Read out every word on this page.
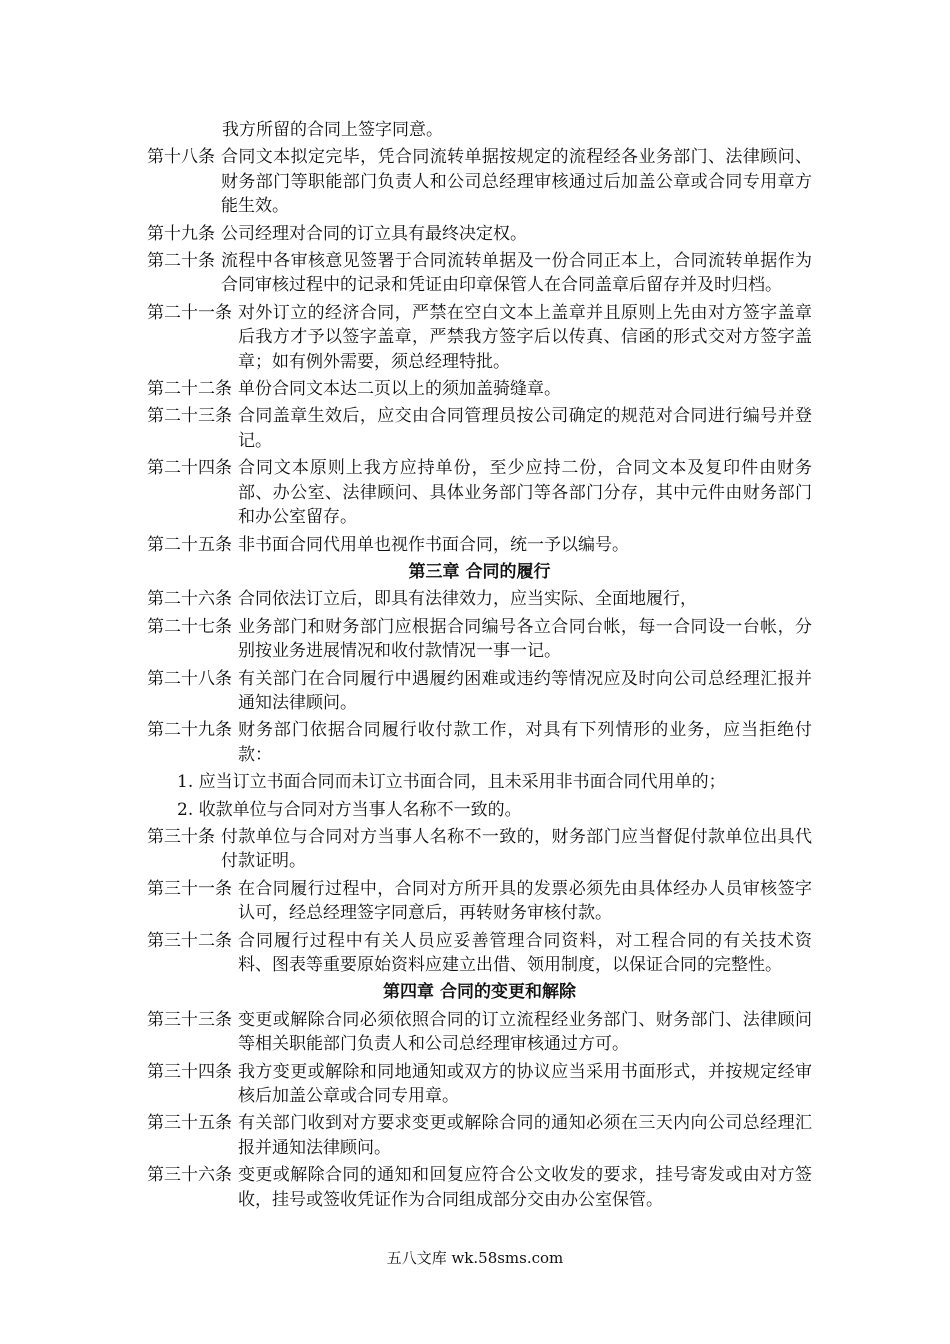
我方所留的合同上签字同意。
第十八条 合同文本拟定完毕，凭合同流转单据按规定的流程经各业务部门、法律顾问、财务部门等职能部门负责人和公司总经理审核通过后加盖公章或合同专用章方能生效。
第十九条 公司经理对合同的订立具有最终决定权。
第二十条 流程中各审核意见签署于合同流转单据及一份合同正本上，合同流转单据作为合同审核过程中的记录和凭证由印章保管人在合同盖章后留存并及时归档。
第二十一条 对外订立的经济合同，严禁在空白文本上盖章并且原则上先由对方签字盖章后我方才予以签字盖章，严禁我方签字后以传真、信函的形式交对方签字盖章；如有例外需要，须总经理特批。
第二十二条 单份合同文本达二页以上的须加盖骑缝章。
第二十三条 合同盖章生效后，应交由合同管理员按公司确定的规范对合同进行编号并登记。
第二十四条 合同文本原则上我方应持单份，至少应持二份，合同文本及复印件由财务部、办公室、法律顾问、具体业务部门等各部门分存，其中元件由财务部门和办公室留存。
第二十五条 非书面合同代用单也视作书面合同，统一予以编号。
第三章 合同的履行
第二十六条 合同依法订立后，即具有法律效力，应当实际、全面地履行，
第二十七条 业务部门和财务部门应根据合同编号各立合同台帐，每一合同设一台帐，分别按业务进展情况和收付款情况一事一记。
第二十八条 有关部门在合同履行中遇履约困难或违约等情况应及时向公司总经理汇报并通知法律顾问。
第二十九条 财务部门依据合同履行收付款工作，对具有下列情形的业务，应当拒绝付款：
1. 应当订立书面合同而未订立书面合同，且未采用非书面合同代用单的；
2. 收款单位与合同对方当事人名称不一致的。
第三十条 付款单位与合同对方当事人名称不一致的，财务部门应当督促付款单位出具代付款证明。
第三十一条 在合同履行过程中，合同对方所开具的发票必须先由具体经办人员审核签字认可，经总经理签字同意后，再转财务审核付款。
第三十二条 合同履行过程中有关人员应妥善管理合同资料，对工程合同的有关技术资料、图表等重要原始资料应建立出借、领用制度，以保证合同的完整性。
第四章 合同的变更和解除
第三十三条 变更或解除合同必须依照合同的订立流程经业务部门、财务部门、法律顾问等相关职能部门负责人和公司总经理审核通过方可。
第三十四条 我方变更或解除和同地通知或双方的协议应当采用书面形式，并按规定经审核后加盖公章或合同专用章。
第三十五条 有关部门收到对方要求变更或解除合同的通知必须在三天内向公司总经理汇报并通知法律顾问。
第三十六条 变更或解除合同的通知和回复应符合公文收发的要求，挂号寄发或由对方签收，挂号或签收凭证作为合同组成部分交由办公室保管。
五八文库 wk.58sms.com
